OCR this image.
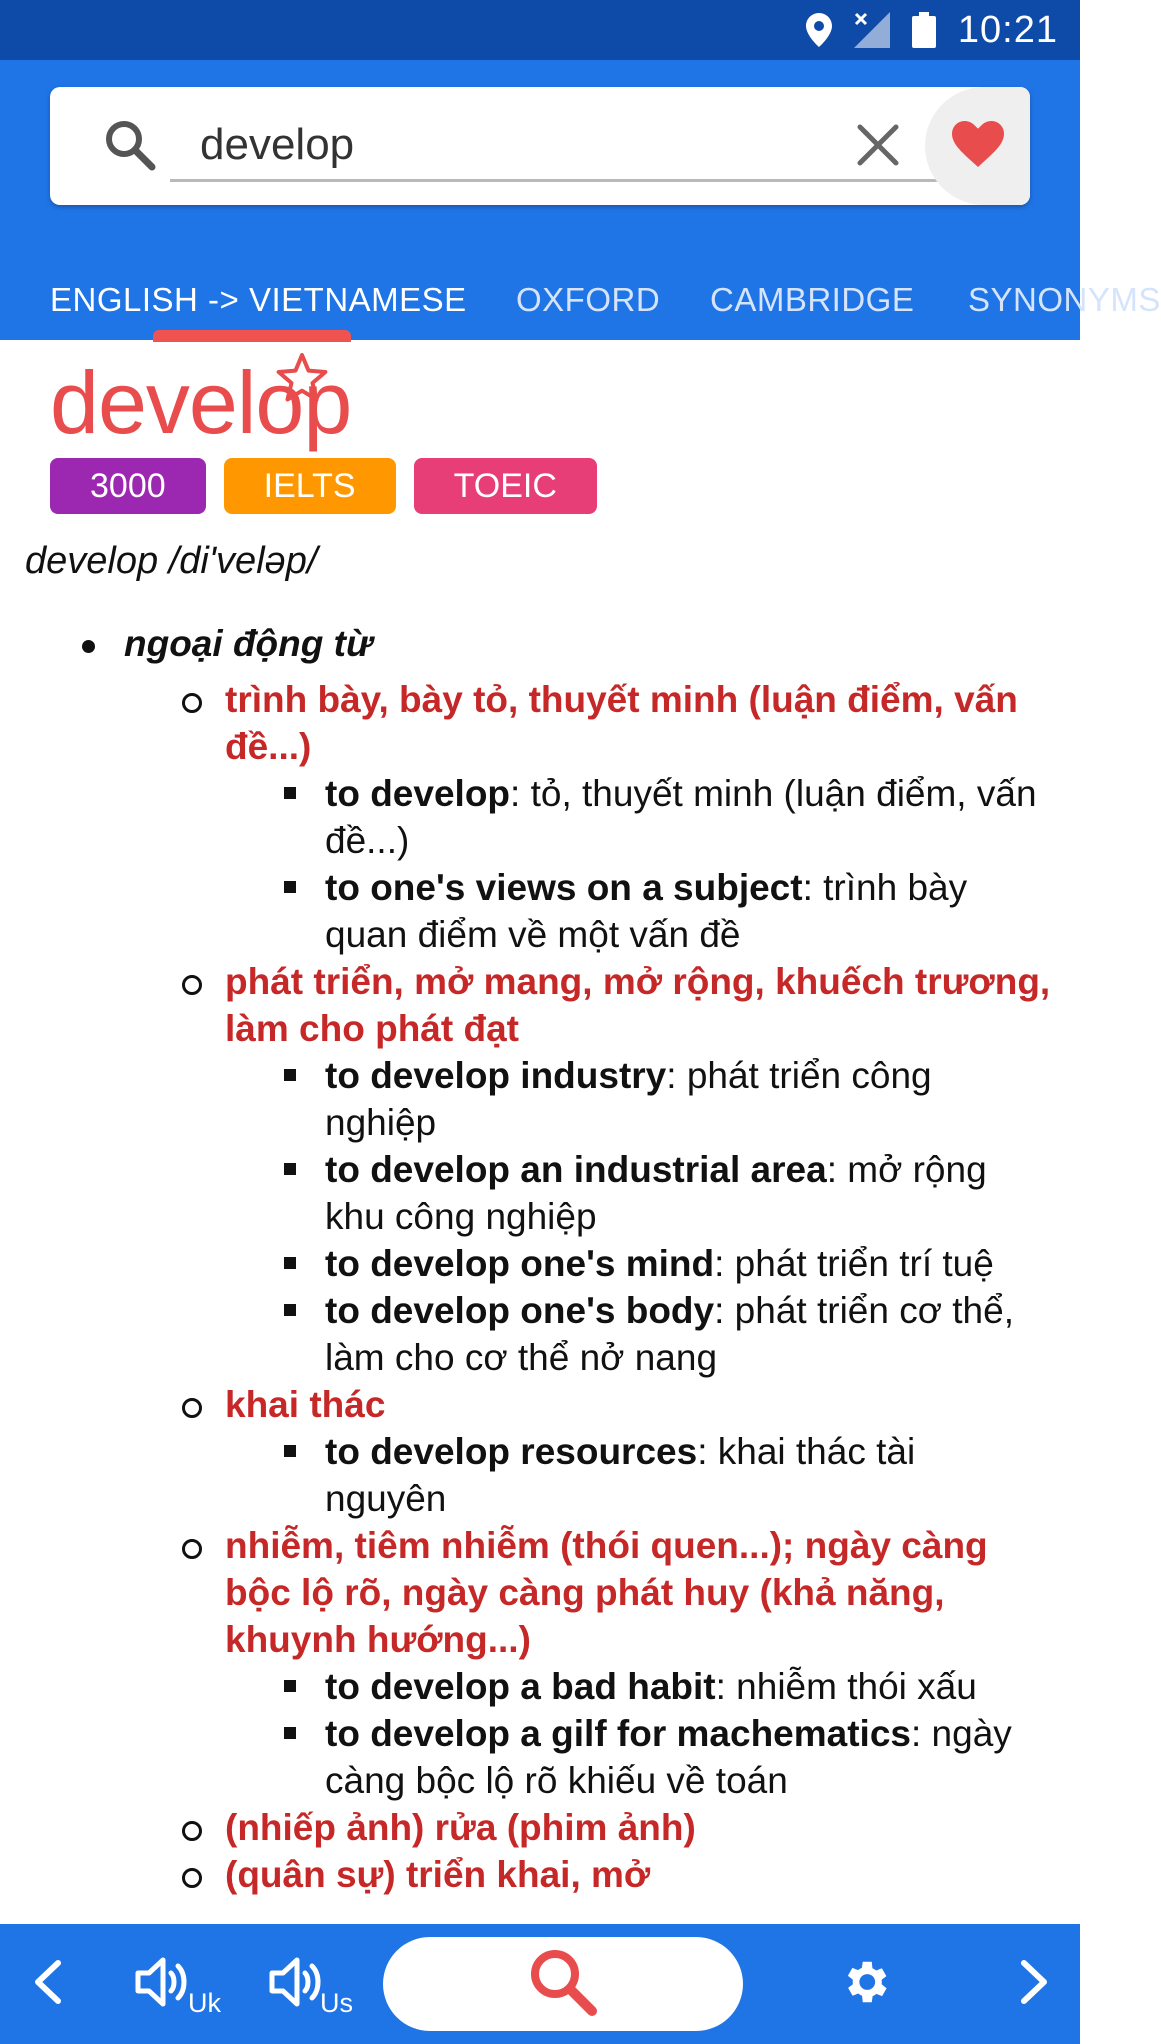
10:21
develop
ENGLISH -> VIETNAMESE OXFORD CAMBRIDGE SYNONYMS
develop
3000	IELTS	TOEIC
develop /di'veləp/
ngoại động từ
trình bày, bày tỏ, thuyết minh (luận điểm, vấn đề...)
to develop: tỏ, thuyết minh (luận điểm, vấn đề...)
to one's views on a subject: trình bày quan điểm về một vấn đề
phát triển, mở mang, mở rộng, khuếch trương, làm cho phát đạt
to develop industry: phát triển công nghiệp
to develop an industrial area: mở rộng khu công nghiệp
to develop one's mind: phát triển trí tuệ
to develop one's body: phát triển cơ thể, làm cho cơ thể nở nang
khai thác
to develop resources: khai thác tài nguyên
nhiễm, tiêm nhiễm (thói quen...); ngày càng bộc lộ rõ, ngày càng phát huy (khả năng, khuynh hướng...)
to develop a bad habit: nhiễm thói xấu
to develop a gilf for machematics: ngày càng bộc lộ rõ khiếu về toán
(nhiếp ảnh) rửa (phim ảnh)
(quân sự) triển khai, mở
Uk	Us
